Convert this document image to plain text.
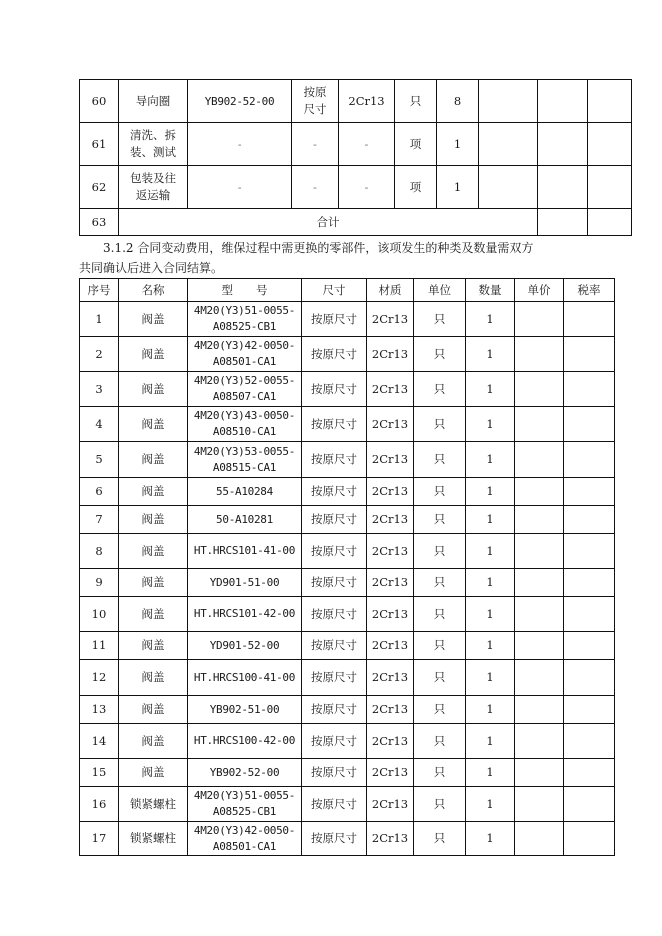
60	导向圈	YB902-52-00	按原尺寸	2Cr13	只	8			
61	清洗、拆装、测试	-	-	-	项	1			
62	包装及往返运输	-	-	-	项	1			
63	合计								
3.1.2 合同变动费用，维保过程中需更换的零部件，该项发生的种类及数量需双方
共同确认后进入合同结算。
序号	名称	型　　号	尺寸	材质	单位	数量	单价	税率
1	阀盖	4M20(Y3)51-0055-A08525-CB1	按原尺寸	2Cr13	只	1		
2	阀盖	4M20(Y3)42-0050-A08501-CA1	按原尺寸	2Cr13	只	1		
3	阀盖	4M20(Y3)52-0055-A08507-CA1	按原尺寸	2Cr13	只	1		
4	阀盖	4M20(Y3)43-0050-A08510-CA1	按原尺寸	2Cr13	只	1		
5	阀盖	4M20(Y3)53-0055-A08515-CA1	按原尺寸	2Cr13	只	1		
6	阀盖	55-A10284	按原尺寸	2Cr13	只	1		
7	阀盖	50-A10281	按原尺寸	2Cr13	只	1		
8	阀盖	HT.HRCS101-41-00	按原尺寸	2Cr13	只	1		
9	阀盖	YD901-51-00	按原尺寸	2Cr13	只	1		
10	阀盖	HT.HRCS101-42-00	按原尺寸	2Cr13	只	1		
11	阀盖	YD901-52-00	按原尺寸	2Cr13	只	1		
12	阀盖	HT.HRCS100-41-00	按原尺寸	2Cr13	只	1		
13	阀盖	YB902-51-00	按原尺寸	2Cr13	只	1		
14	阀盖	HT.HRCS100-42-00	按原尺寸	2Cr13	只	1		
15	阀盖	YB902-52-00	按原尺寸	2Cr13	只	1		
16	锁紧螺柱	4M20(Y3)51-0055-A08525-CB1	按原尺寸	2Cr13	只	1		
17	锁紧螺柱	4M20(Y3)42-0050-A08501-CA1	按原尺寸	2Cr13	只	1		
